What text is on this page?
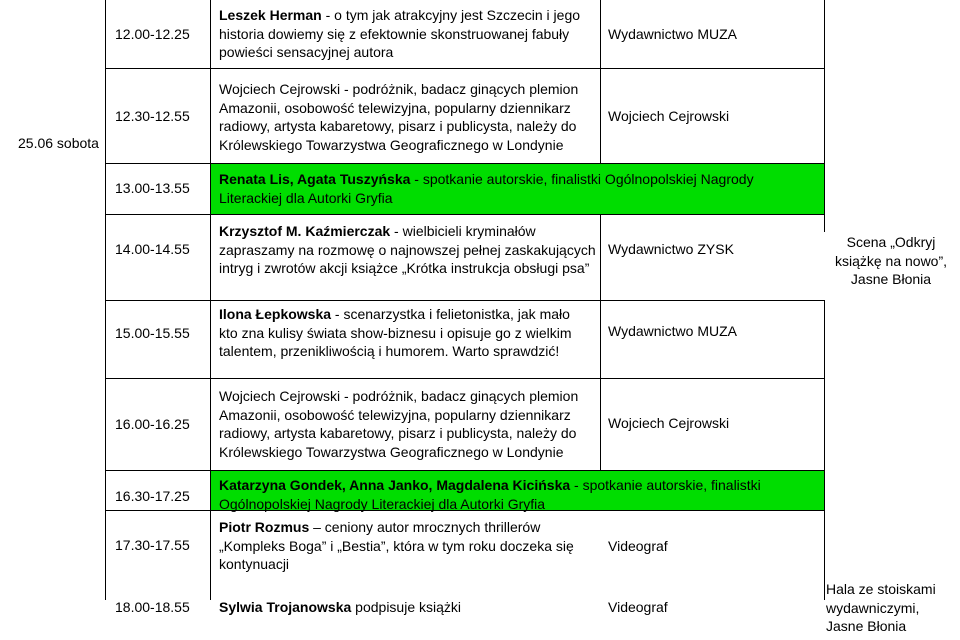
25.06 sobota
12.00-12.25
12.30-12.55
13.00-13.55
14.00-14.55
15.00-15.55
16.00-16.25
16.30-17.25
17.30-17.55
18.00-18.55
Leszek Herman - o tym jak atrakcyjny jest Szczecin i jego historia dowiemy się z efektownie skonstruowanej fabuły powieści sensacyjnej autora
Wojciech Cejrowski - podróżnik, badacz ginących plemion Amazonii, osobowość telewizyjna, popularny dziennikarz radiowy, artysta kabaretowy, pisarz i publicysta, należy do Królewskiego Towarzystwa Geograficznego w Londynie
Renata Lis, Agata Tuszyńska - spotkanie autorskie, finalistki Ogólnopolskiej Nagrody Literackiej dla Autorki Gryfia
Krzysztof M. Kaźmierczak - wielbicieli kryminałów zapraszamy na rozmowę o najnowszej pełnej zaskakujących intryg i zwrotów akcji książce „Krótka instrukcja obsługi psa”
Ilona Łepkowska - scenarzystka i felietonistka, jak mało kto zna kulisy świata show-biznesu i opisuje go z wielkim talentem, przenikliwością i humorem. Warto sprawdzić!
Wojciech Cejrowski - podróżnik, badacz ginących plemion Amazonii, osobowość telewizyjna, popularny dziennikarz radiowy, artysta kabaretowy, pisarz i publicysta, należy do Królewskiego Towarzystwa Geograficznego w Londynie
Katarzyna Gondek, Anna Janko, Magdalena Kicińska - spotkanie autorskie, finalistki Ogólnopolskiej Nagrody Literackiej dla Autorki Gryfia
Piotr Rozmus – ceniony autor mrocznych thrillerów „Kompleks Boga” i „Bestia”, która w tym roku doczeka się kontynuacji
Sylwia Trojanowska podpisuje książki
Wydawnictwo MUZA
Wojciech Cejrowski
Wydawnictwo ZYSK
Wydawnictwo MUZA
Wojciech Cejrowski
Videograf
Videograf
Scena „Odkryj książkę na nowo”, Jasne Błonia
Hala ze stoiskami wydawniczymi, Jasne Błonia
